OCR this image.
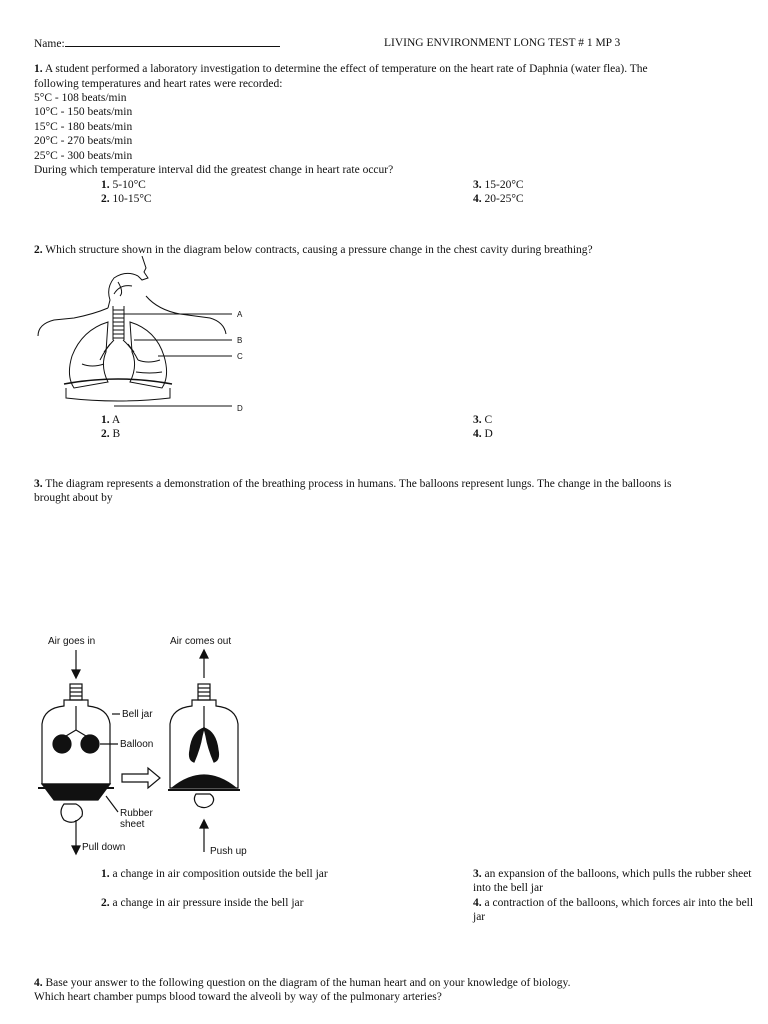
Name:	LIVING ENVIRONMENT LONG TEST # 1 MP 3
1. A student performed a laboratory investigation to determine the effect of temperature on the heart rate of Daphnia (water flea). The
following temperatures and heart rates were recorded:
5°C - 108 beats/min
10°C - 150 beats/min
15°C - 180 beats/min
20°C - 270 beats/min
25°C - 300 beats/min
During which temperature interval did the greatest change in heart rate occur?
1. 5-10°C
2. 10-15°C
3. 15-20°C
4. 20-25°C
2. Which structure shown in the diagram below contracts, causing a pressure change in the chest cavity during breathing?
A
B
C
D
1. A
2. B
3. C
4. D
3. The diagram represents a demonstration of the breathing process in humans. The balloons represent lungs. The change in the balloons is
brought about by
Air goes in	Air comes out
Pull down
Bell jar
Balloon
Rubber
sheet
Push up
1. a change in air composition outside the bell jar
2. a change in air pressure inside the bell jar
3. an expansion of the balloons, which pulls the rubber sheet into the bell jar
4. a contraction of the balloons, which forces air into the bell jar
4. Base your answer to the following question on the diagram of the human heart and on your knowledge of biology.
Which heart chamber pumps blood toward the alveoli by way of the pulmonary arteries?
